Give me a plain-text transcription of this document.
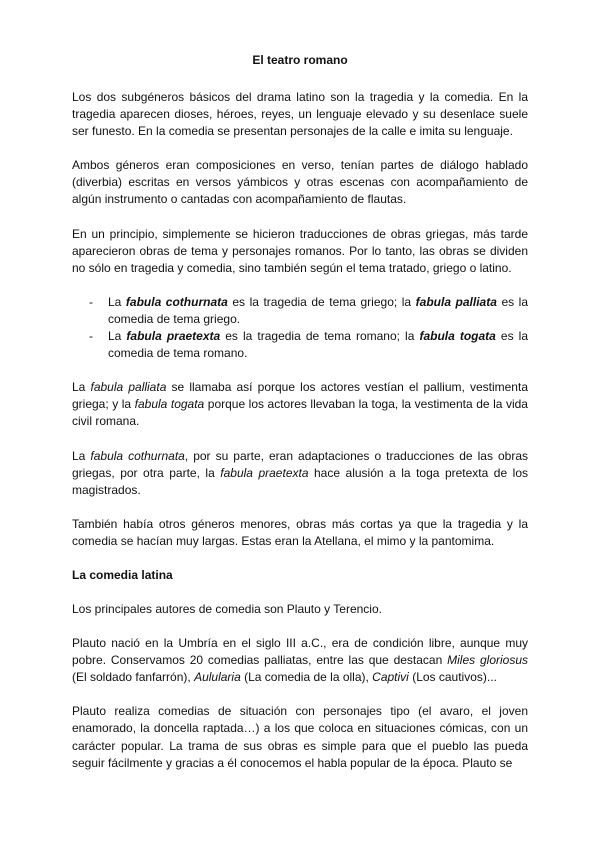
El teatro romano

Los dos subgéneros básicos del drama latino son la tragedia y la comedia. En la tragedia aparecen dioses, héroes, reyes, un lenguaje elevado y su desenlace suele ser funesto. En la comedia se presentan personajes de la calle e imita su lenguaje.

Ambos géneros eran composiciones en verso, tenían partes de diálogo hablado (diverbia) escritas en versos yámbicos y otras escenas con acompañamiento de algún instrumento o cantadas con acompañamiento de flautas.

En un principio, simplemente se hicieron traducciones de obras griegas, más tarde aparecieron obras de tema y personajes romanos. Por lo tanto, las obras se dividen no sólo en tragedia y comedia, sino también según el tema tratado, griego o latino.

- La fabula cothurnata es la tragedia de tema griego; la fabula palliata es la comedia de tema griego.
- La fabula praetexta es la tragedia de tema romano; la fabula togata es la comedia de tema romano.

La fabula palliata se llamaba así porque los actores vestían el pallium, vestimenta griega; y la fabula togata porque los actores llevaban la toga, la vestimenta de la vida civil romana.

La fabula cothurnata, por su parte, eran adaptaciones o traducciones de las obras griegas, por otra parte, la fabula praetexta hace alusión a la toga pretexta de los magistrados.

También había otros géneros menores, obras más cortas ya que la tragedia y la comedia se hacían muy largas. Estas eran la Atellana, el mimo y la pantomima.

La comedia latina

Los principales autores de comedia son Plauto y Terencio.

Plauto nació en la Umbría en el siglo III a.C., era de condición libre, aunque muy pobre. Conservamos 20 comedias palliatas, entre las que destacan Miles gloriosus (El soldado fanfarrón), Aulularia (La comedia de la olla), Captivi (Los cautivos)...

Plauto realiza comedias de situación con personajes tipo (el avaro, el joven enamorado, la doncella raptada…) a los que coloca en situaciones cómicas, con un carácter popular. La trama de sus obras es simple para que el pueblo las pueda seguir fácilmente y gracias a él conocemos el habla popular de la época. Plauto se
